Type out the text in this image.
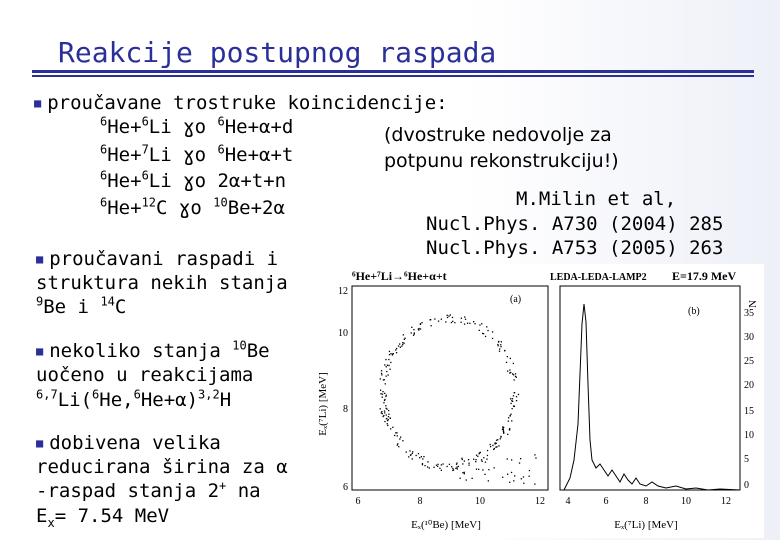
Reakcije postupnog raspada
■ proučavane trostruke koincidencije:
$^6$He+$^6$Li ɣо $^6$He+α+d
$^6$He+$^7$Li ɣо $^6$He+α+t
$^6$He+$^6$Li ɣо 2α+t+n
$^6$He+$^{12}$C ɣо $^{10}$Be+2α
(dvostruke nedovolje za
potpunu rekonstrukciju!)
M.Milin et al,
Nucl.Phys. A730 (2004) 285
Nucl.Phys. A753 (2005) 263
■ proučavani raspadi i
struktura nekih stanja
$^9$Be i $^{14}$C
■ nekoliko stanja $^{10}$Be
uočeno u reakcijama
$^{6,7}Li(^6He,^6He+\alpha)^{3,2}H$
■ dobivena velika
reducirana širina za α
-raspad stanja 2+ na
$E_x= 7.54$ MeV
⁶He+⁷Li→⁶He+α+t	LEDA-LEDA-LAMP2 E=17.9 MeV
(a)
Eₓ(⁷Li) [MeV]
Eₓ(¹⁰Be) [MeV]
12
10
8
6
6	8	10	12
(b)
N
Eₓ(⁷Li) [MeV]
4	6	8	10	12
35
30
25
20
15
10
5
0
